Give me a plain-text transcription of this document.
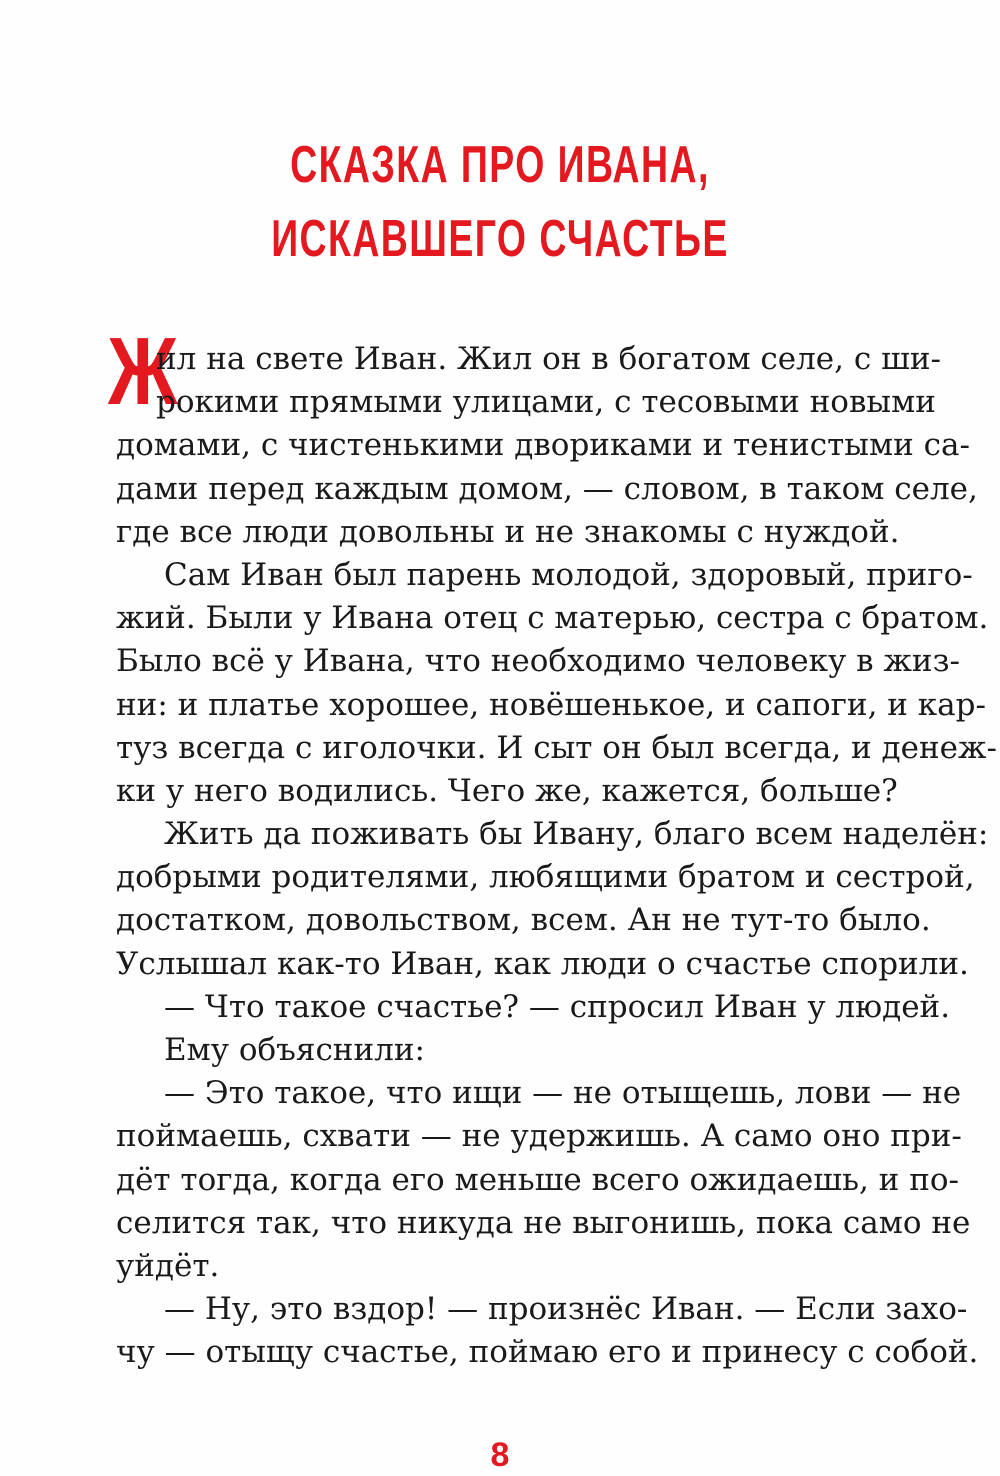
СКАЗКА ПРО ИВАНА,
ИСКАВШЕГО СЧАСТЬЕ
Ж
ил на свете Иван. Жил он в богатом селе, с ши-
рокими прямыми улицами, с тесовыми новыми
домами, с чистенькими двориками и тенистыми са-
дами перед каждым домом, — словом, в таком селе,
где все люди довольны и не знакомы с нуждой.
Сам Иван был парень молодой, здоровый, приго-
жий. Были у Ивана отец с матерью, сестра с братом.
Было всё у Ивана, что необходимо человеку в жиз-
ни: и платье хорошее, новёшенькое, и сапоги, и кар-
туз всегда с иголочки. И сыт он был всегда, и денеж-
ки у него водились. Чего же, кажется, больше?
Жить да поживать бы Ивану, благо всем наделён:
добрыми родителями, любящими братом и сестрой,
достатком, довольством, всем. Ан не тут-то было.
Услышал как-то Иван, как люди о счастье спорили.
— Что такое счастье? — спросил Иван у людей.
Ему объяснили:
— Это такое, что ищи — не отыщешь, лови — не
поймаешь, схвати — не удержишь. А само оно при-
дёт тогда, когда его меньше всего ожидаешь, и по-
селится так, что никуда не выгонишь, пока само не
уйдёт.
— Ну, это вздор! — произнёс Иван. — Если захо-
чу — отыщу счастье, поймаю его и принесу с собой.
8
